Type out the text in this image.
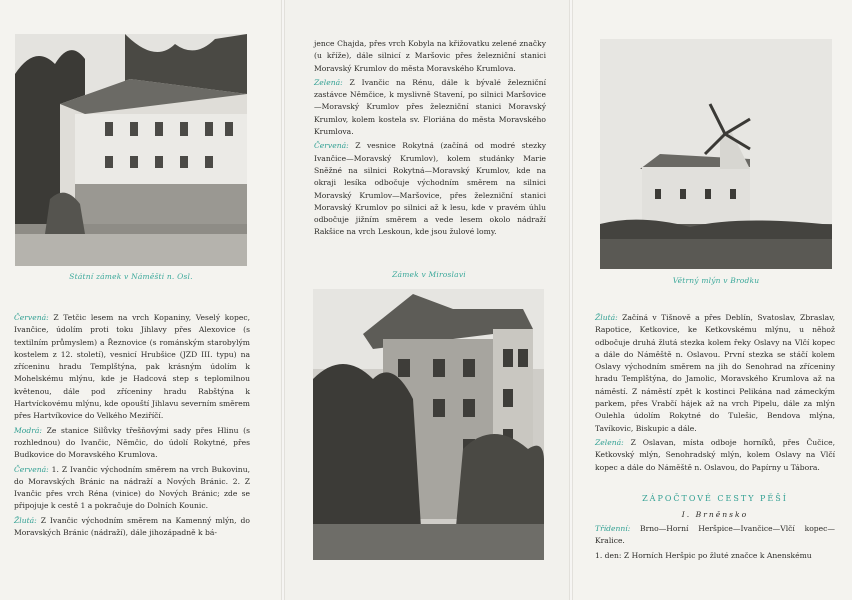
Státní zámek v Náměšti n. Osl.

Červená: Z Tetčic lesem na vrch Kopaniny, Veselý kopec, Ivančice, údolím proti toku Jihlavy přes Alexovice (s textilním průmyslem) a Řeznovice (s románským starobylým kostelem z 12. století), vesnicí Hrubšice (JZD III. typu) na zříceninu hradu Templštýna, pak krásným údolím k Mohelskému mlýnu, kde je Hadcová step s teplomilnou květenou, dále pod zříceniny hradu Rabštýna k Hartvíckovému mlýnu, kde opouští Jihlavu severním směrem přes Hartvíkovice do Velkého Meziříčí.

Modrá: Ze stanice Silůvky třešňovými sady přes Hlinu (s rozhlednou) do Ivančic, Němčic, do údolí Rokytné, přes Budkovice do Moravského Krumlova.

Červená: 1. Z Ivančic východním směrem na vrch Bukovinu, do Moravských Bránic na nádraží a Nových Bránic. 2. Z Ivančic přes vrch Réna (vinice) do Nových Bránic; zde se připojuje k cestě 1 a pokračuje do Dolních Kounic.

Žlutá: Z Ivančic východním směrem na Kamenný mlýn, do Moravských Bránic (nádraží), dále jihozápadně k bá-

jence Chajda, přes vrch Kobyla na křižovatku zelené značky (u kříže), dále silnicí z Maršovic přes železniční stanici Moravský Krumlov do města Moravského Krumlova.

Zelená: Z Ivančic na Rénu, dále k bývalé železniční zastávce Němčice, k myslivně Stavení, po silnici Maršovice—Moravský Krumlov přes železniční stanici Moravský Krumlov, kolem kostela sv. Floriána do města Moravského Krumlova.

Červená: Z vesnice Rokytná (začíná od modré stezky Ivančice—Moravský Krumlov), kolem studánky Marie Sněžné na silnici Rokytná—Moravský Krumlov, kde na okraji lesíka odbočuje východním směrem na silnici Moravský Krumlov—Maršovice, přes železniční stanici Moravský Krumlov po silnici až k lesu, kde v pravém úhlu odbočuje jižním směrem a vede lesem okolo nádraží Rakšice na vrch Leskoun, kde jsou žulové lomy.

Zámek v Miroslavi
Větrný mlýn v Brodku

Žlutá: Začíná v Tišnově a přes Deblín, Svatoslav, Zbraslav, Rapotice, Ketkovice, ke Ketkovskému mlýnu, u něhož odbočuje druhá žlutá stezka kolem řeky Oslavy na Vlčí kopec a dále do Náměště n. Oslavou. První stezka se stáčí kolem Oslavy východním směrem na jih do Senohrad na zříceniny hradu Templštýna, do Jamolic, Moravského Krumlova až na náměstí. Z náměstí zpět k kostinci Pelikána nad zámeckým parkem, přes Vrabčí hájek až na vrch Pipelu, dále za mlýn Oulehla údolím Rokytné do Tulešic, Bendova mlýna, Tavíkovic, Biskupic a dále.

Zelená: Z Oslavan, místa odboje horníků, přes Čučice, Ketkovský mlýn, Senohradský mlýn, kolem Oslavy na Vlčí kopec a dále do Náměště n. Oslavou, do Papírny u Tábora.

ZÁPOČTOVÉ CESTY PĚŠÍ
I. Brněnsko

Třídenní: Brno—Horní Heršpice—Ivančice—Vlčí kopec—Kralice.

1. den: Z Horních Heršpic po žluté značce k Anenskému
